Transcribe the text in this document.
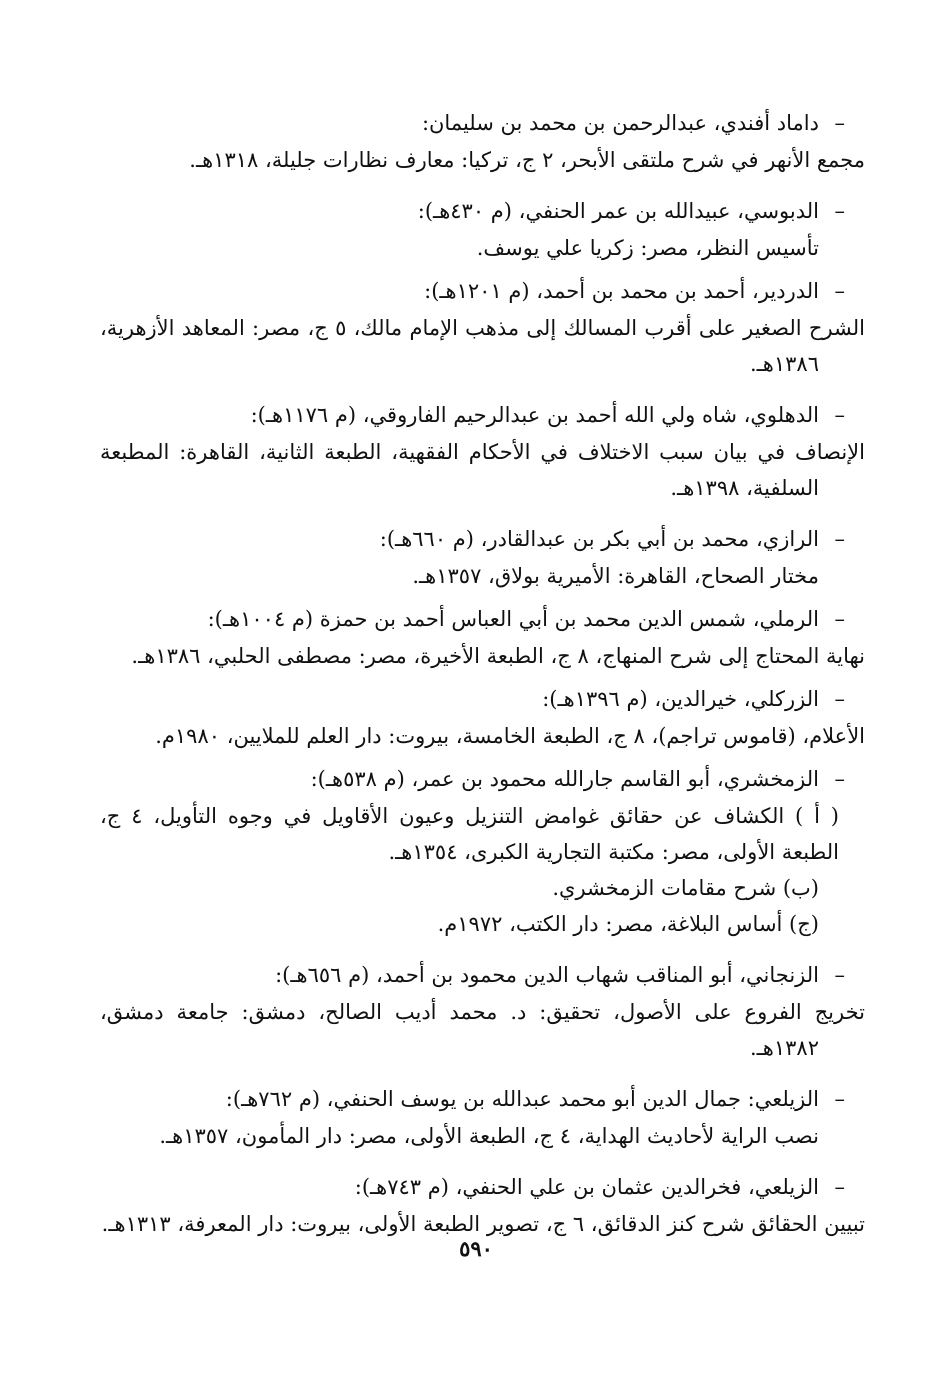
–
داماد أفندي، عبدالرحمن بن محمد بن سليمان:
مجمع الأنهر في شرح ملتقى الأبحر، ٢ ج، تركيا: معارف نظارات جليلة، ١٣١٨هـ.
–
الدبوسي، عبيدالله بن عمر الحنفي، (م ٤٣٠هـ):
تأسيس النظر، مصر: زكريا علي يوسف.
–
الدردير، أحمد بن محمد بن أحمد، (م ١٢٠١هـ):
الشرح الصغير على أقرب المسالك إلى مذهب الإمام مالك، ٥ ج، مصر: المعاهد الأزهرية، ١٣٨٦هـ.
–
الدهلوي، شاه ولي الله أحمد بن عبدالرحيم الفاروقي، (م ١١٧٦هـ):
الإنصاف في بيان سبب الاختلاف في الأحكام الفقهية، الطبعة الثانية، القاهرة: المطبعة السلفية، ١٣٩٨هـ.
–
الرازي، محمد بن أبي بكر بن عبدالقادر، (م ٦٦٠هـ):
مختار الصحاح، القاهرة: الأميرية بولاق، ١٣٥٧هـ.
–
الرملي، شمس الدين محمد بن أبي العباس أحمد بن حمزة (م ١٠٠٤هـ):
نهاية المحتاج إلى شرح المنهاج، ٨ ج، الطبعة الأخيرة، مصر: مصطفى الحلبي، ١٣٨٦هـ.
–
الزركلي، خيرالدين، (م ١٣٩٦هـ):
الأعلام، (قاموس تراجم)، ٨ ج، الطبعة الخامسة، بيروت: دار العلم للملايين، ١٩٨٠م.
–
الزمخشري، أبو القاسم جارالله محمود بن عمر، (م ٥٣٨هـ):
( أ ) الكشاف عن حقائق غوامض التنزيل وعيون الأقاويل في وجوه التأويل، ٤ ج، الطبعة الأولى، مصر: مكتبة التجارية الكبرى، ١٣٥٤هـ.
(ب) شرح مقامات الزمخشري.
(ج) أساس البلاغة، مصر: دار الكتب، ١٩٧٢م.
–
الزنجاني، أبو المناقب شهاب الدين محمود بن أحمد، (م ٦٥٦هـ):
تخريج الفروع على الأصول، تحقيق: د. محمد أديب الصالح، دمشق: جامعة دمشق، ١٣٨٢هـ.
–
الزيلعي: جمال الدين أبو محمد عبدالله بن يوسف الحنفي، (م ٧٦٢هـ):
نصب الراية لأحاديث الهداية، ٤ ج، الطبعة الأولى، مصر: دار المأمون، ١٣٥٧هـ.
–
الزيلعي، فخرالدين عثمان بن علي الحنفي، (م ٧٤٣هـ):
تبيين الحقائق شرح كنز الدقائق، ٦ ج، تصوير الطبعة الأولى، بيروت: دار المعرفة، ١٣١٣هـ.
٥٩٠
